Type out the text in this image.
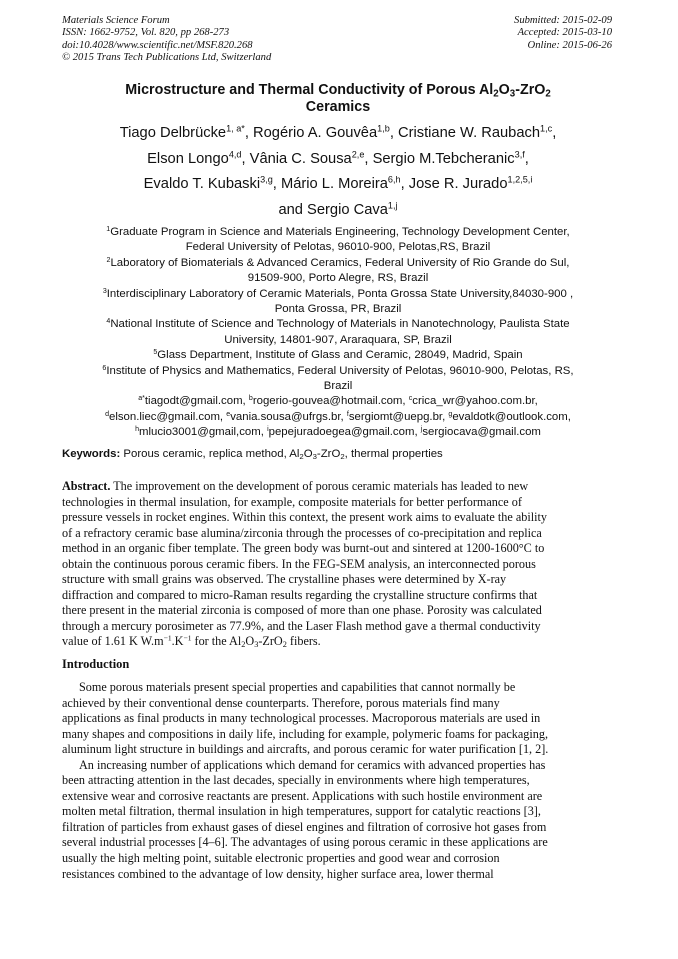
Materials Science Forum
ISSN: 1662-9752, Vol. 820, pp 268-273
doi:10.4028/www.scientific.net/MSF.820.268
© 2015 Trans Tech Publications Ltd, Switzerland
Submitted: 2015-02-09
Accepted: 2015-03-10
Online: 2015-06-26
Microstructure and Thermal Conductivity of Porous $Al_2O_3-ZrO_2$
Ceramics
Tiago Delbrücke$^{1, a*}$, Rogério A. Gouvêa$^{1,b}$, Cristiane W. Raubach$^{1,c}$,
Elson Longo$^{4,d}$, Vânia C. Sousa$^{2,e}$, Sergio M.Tebcheranic$^{3,f}$,
Evaldo T. Kubaski$^{3,g}$, Mário L. Moreira$^{6,h}$, Jose R. Jurado$^{1,2,5,i}$
and Sergio Cava$^{1,j}$
$^1$Graduate Program in Science and Materials Engineering, Technology Development Center,
Federal University of Pelotas, 96010-900, Pelotas,RS, Brazil
$^2$Laboratory of Biomaterials & Advanced Ceramics, Federal University of Rio Grande do Sul,
91509-900, Porto Alegre, RS, Brazil
$^3$Interdisciplinary Laboratory of Ceramic Materials, Ponta Grossa State University,84030-900 ,
Ponta Grossa, PR, Brazil
$^4$National Institute of Science and Technology of Materials in Nanotechnology, Paulista State
University, 14801-907, Araraquara, SP, Brazil
$^5$Glass Department, Institute of Glass and Ceramic, 28049, Madrid, Spain
$^6$Institute of Physics and Mathematics, Federal University of Pelotas, 96010-900, Pelotas, RS,
Brazil
$^{a*}$tiagodt@gmail.com, $^b$rogerio-gouvea@hotmail.com, $^c$crica_wr@yahoo.com.br,
$^d$elson.liec@gmail.com, $^e$vania.sousa@ufrgs.br, $^f$sergiomt@uepg.br, $^g$evaldotk@outlook.com,
$^h$mlucio3001@gmail,com, $^i$pepejuradoegea@gmail.com, $^j$sergiocava@gmail.com
Keywords: Porous ceramic, replica method, $Al_2O_3-ZrO_2$, thermal properties
Abstract. The improvement on the development of porous ceramic materials has leaded to new
technologies in thermal insulation, for example, composite materials for better performance of
pressure vessels in rocket engines. Within this context, the present work aims to evaluate the ability
of a refractory ceramic base alumina/zirconia through the processes of co-precipitation and replica
method in an organic fiber template. The green body was burnt-out and sintered at 1200-1600°C to
obtain the continuous porous ceramic fibers. In the FEG-SEM analysis, an interconnected porous
structure with small grains was observed. The crystalline phases were determined by X-ray
diffraction and compared to micro-Raman results regarding the crystalline structure confirms that
there present in the material zirconia is composed of more than one phase. Porosity was calculated
through a mercury porosimeter as 77.9%, and the Laser Flash method gave a thermal conductivity
value of 1.61 K $W.m^{-1}.K^{-1}$ for the $Al_2O_3-ZrO_2$ fibers.
Introduction
Some porous materials present special properties and capabilities that cannot normally be
achieved by their conventional dense counterparts. Therefore, porous materials find many
applications as final products in many technological processes. Macroporous materials are used in
many shapes and compositions in daily life, including for example, polymeric foams for packaging,
aluminum light structure in buildings and aircrafts, and porous ceramic for water purification [1, 2].
An increasing number of applications which demand for ceramics with advanced properties has
been attracting attention in the last decades, specially in environments where high temperatures,
extensive wear and corrosive reactants are present. Applications with such hostile environment are
molten metal filtration, thermal insulation in high temperatures, support for catalytic reactions [3],
filtration of particles from exhaust gases of diesel engines and filtration of corrosive hot gases from
several industrial processes [4–6]. The advantages of using porous ceramic in these applications are
usually the high melting point, suitable electronic properties and good wear and corrosion
resistances combined to the advantage of low density, higher surface area, lower thermal
